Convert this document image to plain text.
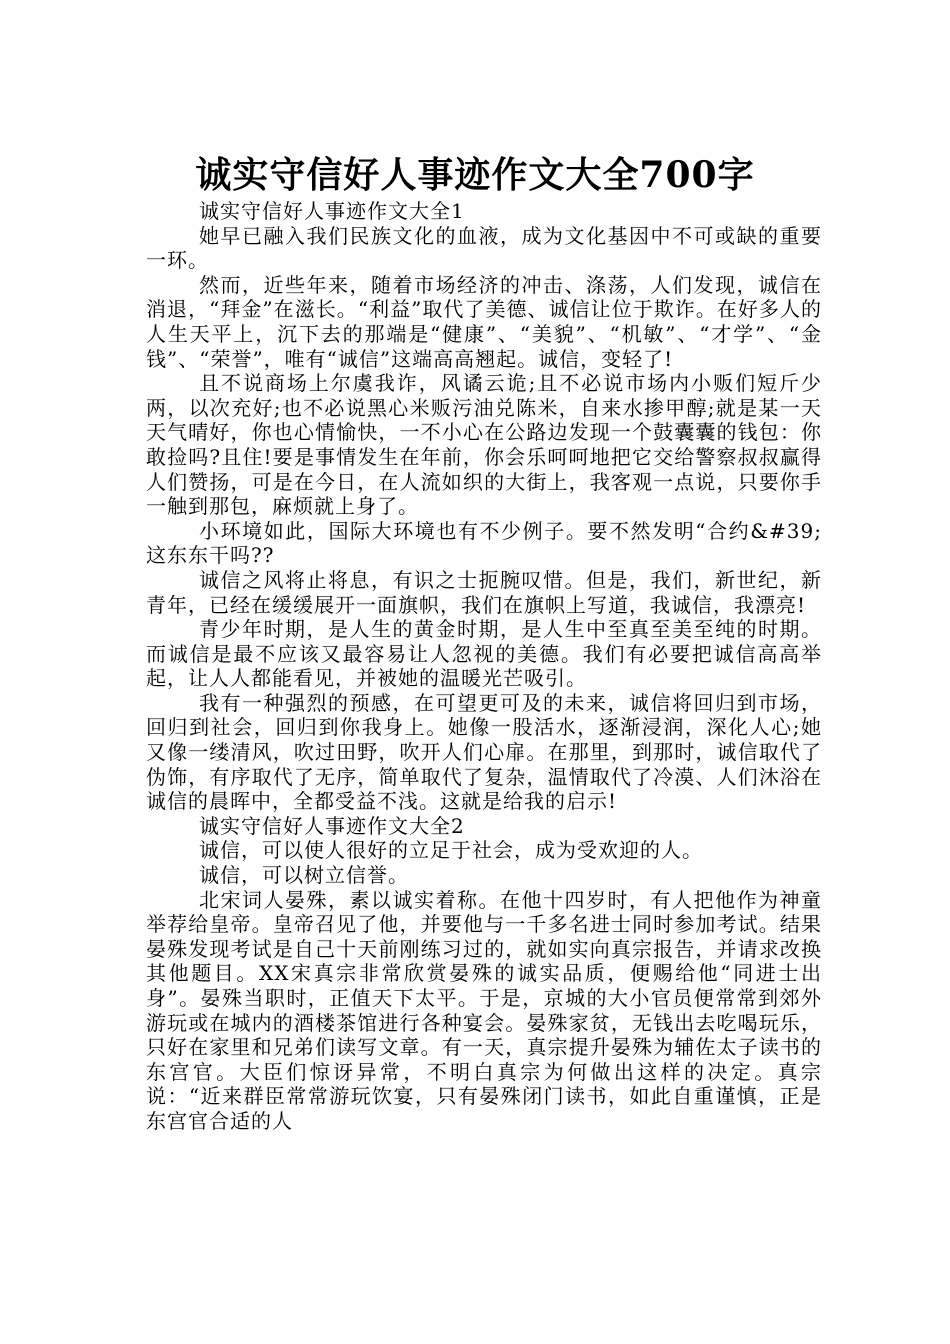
诚实守信好人事迹作文大全700字

诚实守信好人事迹作文大全1

她早已融入我们民族文化的血液，成为文化基因中不可或缺的重要一环。

然而，近些年来，随着市场经济的冲击、涤荡，人们发现，诚信在消退，“拜金”在滋长。“利益”取代了美德、诚信让位于欺诈。在好多人的人生天平上，沉下去的那端是“健康”、“美貌”、“机敏”、“才学”、“金钱”、“荣誉”，唯有“诚信”这端高高翘起。诚信，变轻了!

且不说商场上尔虞我诈，风谲云诡;且不必说市场内小贩们短斤少两，以次充好;也不必说黑心米贩污油兑陈米，自来水掺甲醇;就是某一天天气晴好，你也心情愉快，一不小心在公路边发现一个鼓囊囊的钱包：你敢捡吗?且住!要是事情发生在年前，你会乐呵呵地把它交给警察叔叔赢得人们赞扬，可是在今日，在人流如织的大街上，我客观一点说，只要你手一触到那包，麻烦就上身了。

小环境如此，国际大环境也有不少例子。要不然发明“合约&#39;这东东干吗??

诚信之风将止将息，有识之士扼腕叹惜。但是，我们，新世纪，新青年，已经在缓缓展开一面旗帜，我们在旗帜上写道，我诚信，我漂亮!

青少年时期，是人生的黄金时期，是人生中至真至美至纯的时期。而诚信是最不应该又最容易让人忽视的美德。我们有必要把诚信高高举起，让人人都能看见，并被她的温暖光芒吸引。

我有一种强烈的预感，在可望更可及的未来，诚信将回归到市场，回归到社会，回归到你我身上。她像一股活水，逐渐浸润，深化人心;她又像一缕清风，吹过田野，吹开人们心扉。在那里，到那时，诚信取代了伪饰，有序取代了无序，简单取代了复杂，温情取代了冷漠、人们沐浴在诚信的晨晖中，全都受益不浅。这就是给我的启示!

诚实守信好人事迹作文大全2

诚信，可以使人很好的立足于社会，成为受欢迎的人。

诚信，可以树立信誉。

北宋词人晏殊，素以诚实着称。在他十四岁时，有人把他作为神童举荐给皇帝。皇帝召见了他，并要他与一千多名进士同时参加考试。结果晏殊发现考试是自己十天前刚练习过的，就如实向真宗报告，并请求改换其他题目。XX宋真宗非常欣赏晏殊的诚实品质，便赐给他“同进士出身”。晏殊当职时，正值天下太平。于是，京城的大小官员便常常到郊外游玩或在城内的酒楼茶馆进行各种宴会。晏殊家贫，无钱出去吃喝玩乐，只好在家里和兄弟们读写文章。有一天，真宗提升晏殊为辅佐太子读书的东宫官。大臣们惊讶异常，不明白真宗为何做出这样的决定。真宗说：“近来群臣常常游玩饮宴，只有晏殊闭门读书，如此自重谨慎，正是东宫官合适的人
